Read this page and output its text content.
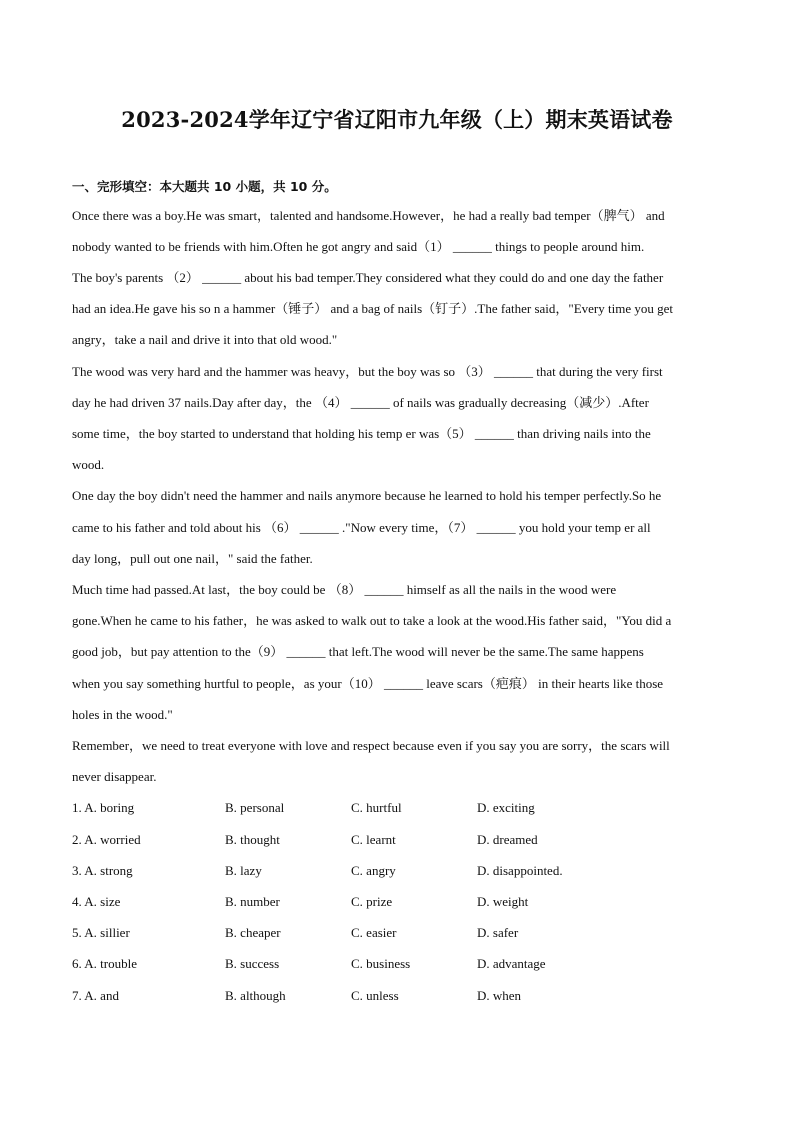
2023-2024学年辽宁省辽阳市九年级（上）期末英语试卷
一、完形填空：本大题共 10 小题，共 10 分。
Once there was a boy.He was smart，talented and handsome.However，he had a really bad temper（脾气） and
nobody wanted to be friends with him.Often he got angry and said（1） ______ things to people around him.
The boy's parents （2） ______ about his bad temper.They considered what they could do and one day the father
had an idea.He gave his so n a hammer（锤子） and a bag of nails（钉子）.The father said，"Every time you get
angry，take a nail and drive it into that old wood."
The wood was very hard and the hammer was heavy，but the boy was so （3） ______ that during the very first
day he had driven 37 nails.Day after day，the （4） ______ of nails was gradually decreasing（减少）.After
some time，the boy started to understand that holding his temp er was（5） ______ than driving nails into the
wood.
One day the boy didn't need the hammer and nails anymore because he learned to hold his temper perfectly.So he
came to his father and told about his （6） ______ ."Now every time，（7） ______ you hold your temp er all
day long，pull out one nail，" said the father.
Much time had passed.At last，the boy could be （8） ______ himself as all the nails in the wood were
gone.When he came to his father，he was asked to walk out to take a look at the wood.His father said，"You did a
good job，but pay attention to the（9） ______ that left.The wood will never be the same.The same happens
when you say something hurtful to people，as your（10） ______ leave scars（疤痕） in their hearts like those
holes in the wood."
Remember，we need to treat everyone with love and respect because even if you say you are sorry，the scars will
never disappear.
1. A. boring	B. personal	C. hurtful	D. exciting
2. A. worried	B. thought	C. learnt	D. dreamed
3. A. strong	B. lazy	C. angry	D. disappointed.
4. A. size	B. number	C. prize	D. weight
5. A. sillier	B. cheaper	C. easier	D. safer
6. A. trouble	B. success	C. business	D. advantage
7. A. and	B. although	C. unless	D. when
